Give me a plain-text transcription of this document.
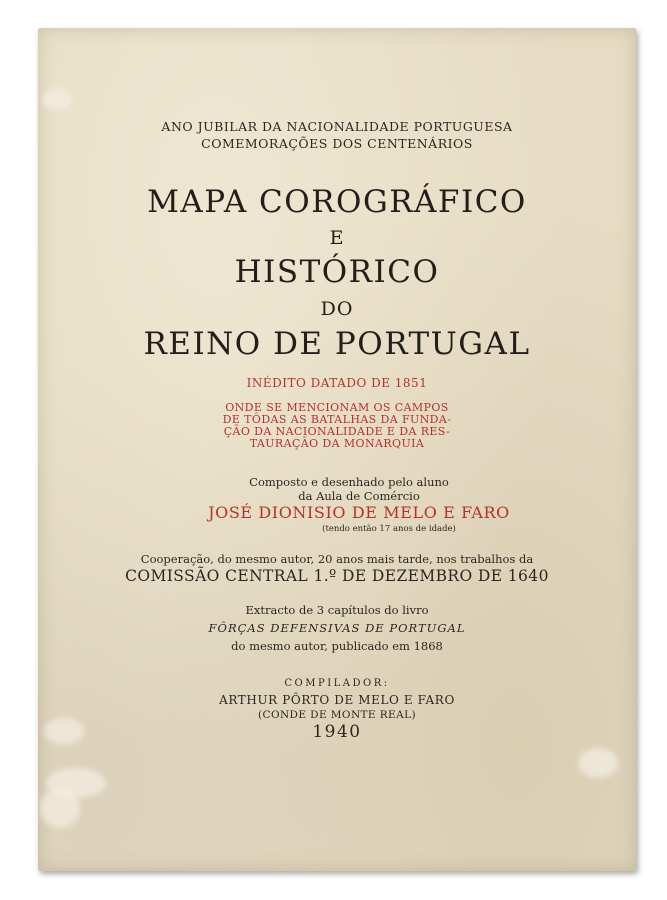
ANO JUBILAR DA NACIONALIDADE PORTUGUESA
COMEMORAÇÕES DOS CENTENÁRIOS
MAPA COROGRÁFICO
E
HISTÓRICO
DO
REINO DE PORTUGAL
INÉDITO DATADO DE 1851
ONDE SE MENCIONAM OS CAMPOS
DE TÔDAS AS BATALHAS DA FUNDA-
ÇÃO DA NACIONALIDADE E DA RES-
TAURAÇÃO DA MONARQUIA
Composto e desenhado pelo aluno
da Aula de Comércio
JOSÉ DIONISIO DE MELO E FARO
(tendo então 17 anos de idade)
Cooperação, do mesmo autor, 20 anos mais tarde, nos trabalhos da
COMISSÃO CENTRAL 1.º DE DEZEMBRO DE 1640
Extracto de 3 capítulos do livro
FÔRÇAS DEFENSIVAS DE PORTUGAL
do mesmo autor, publicado em 1868
COMPILADOR:
ARTHUR PÔRTO DE MELO E FARO
(CONDE DE MONTE REAL)
1940
